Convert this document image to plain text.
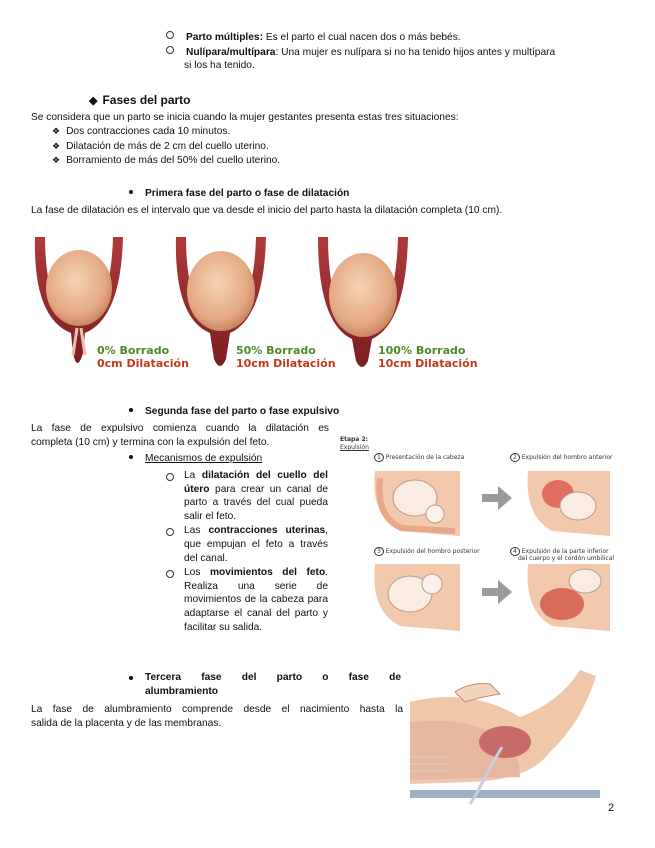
Parto múltiples: Es el parto el cual nacen dos o más bebés.
Nulípara/multípara: Una mujer es nulípara si no ha tenido hijos antes y multípara
si los ha tenido.
◆ Fases del parto
Se considera que un parto se inicia cuando la mujer gestantes presenta estas tres situaciones:
❖ Dos contracciones cada 10 minutos.
❖ Dilatación de más de 2 cm del cuello uterino.
❖ Borramiento de más del 50% del cuello uterino.
Primera fase del parto o fase de dilatación
La fase de dilatación es el intervalo que va desde el inicio del parto hasta la dilatación completa (10 cm).
0% Borrado
0cm Dilatación
50% Borrado
10cm Dilatación
100% Borrado
10cm Dilatación
Segunda fase del parto o fase expulsivo
La fase de expulsivo comienza cuando la dilatación es
completa (10 cm) y termina con la expulsión del feto.
Mecanismos de expulsión
La dilatación del cuello del útero para crear un canal de parto a través del cual pueda salir el feto.
Las contracciones uterinas, que empujan el feto a través del canal.
Los movimientos del feto. Realiza una serie de movimientos de la cabeza para adaptarse el canal del parto y facilitar su salida.
Etapa 2:
Expulsión
1 Presentación de la cabeza	2 Expulsión del hombro anterior
3 Expulsión del hombro posterior	4 Expulsión de la parte inferior
del cuerpo y el cordón umbilical
Tercera fase del parto o fase de
alumbramiento
La fase de alumbramiento comprende desde el nacimiento hasta la
salida de la placenta y de las membranas.
2
